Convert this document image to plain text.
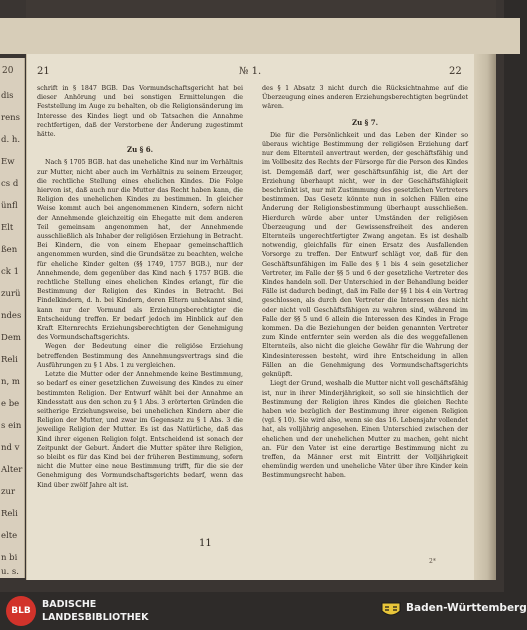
20
dis
rens
d. h.
Ew
cs d
ünfl
Elt
ßen
ck 1
zurü
ndes
Dem
Reli
n, m
e be
s ein
nd v
Alter
zur
Reli
elte
n bi
u. s.
21	№ 1.	22

schrift in § 1847 BGB. Das Vormundschaftsgericht hat bei dieser Anhörung und bei sonstigen Ermittelungen die Feststellung im Auge zu behalten, ob die Religionsänderung im Interesse des Kindes liegt und ob Tatsachen die Annahme rechtfertigen, daß der Verstorbene der Änderung zugestimmt hätte.

Zu § 6.

Nach § 1705 BGB. hat das uneheliche Kind nur im Verhältnis zur Mutter, nicht aber auch im Verhältnis zu seinem Erzeuger, die rechtliche Stellung eines ehelichen Kindes. Die Folge hiervon ist, daß auch nur die Mutter das Recht haben kann, die Religion des unehelichen Kindes zu bestimmen. In gleicher Weise kommt auch bei angenommenen Kindern, sofern nicht der Annehmende gleichzeitig ein Ehegatte mit dem anderen Teil gemeinsam angenommen hat, der Annehmende ausschließlich als Inhaber der religiösen Erziehung in Betracht. Bei Kindern, die von einem Ehepaar gemeinschaftlich angenommen wurden, sind die Grundsätze zu beachten, welche für eheliche Kinder gelten (§§ 1749, 1757 BGB.), nur der Annehmende, dem gegenüber das Kind nach § 1757 BGB. die rechtliche Stellung eines ehelichen Kindes erlangt, für die Bestimmung der Religion des Kindes in Betracht. Bei Findelkindern, d. h. bei Kindern, deren Eltern unbekannt sind, kann nur der Vormund als Erziehungsberechtigter die Entscheidung treffen. Er bedarf jedoch im Hinblick auf den Kraft Elternrechts Erziehungsberechtigten der Genehmigung des Vormundschaftsgerichts.

Wegen der Bedeutung einer die religiöse Erziehung betreffenden Bestimmung des Annehmungsvertrags sind die Ausführungen zu § 1 Abs. 1 zu vergleichen.

Letzte die Mutter oder der Annehmende keine Bestimmung, so bedarf es einer gesetzlichen Zuweisung des Kindes zu einer bestimmten Religion. Der Entwurf wählt bei der Annahme an Kindesstatt aus den schon zu § 1 Abs. 3 erörterten Gründen die seitherige Erziehungsweise, bei unehelichen Kindern aber die Religion der Mutter, und zwar im Gegensatz zu § 1 Abs. 3 die jeweilige Religion der Mutter. Es ist das Natürliche, daß das Kind ihrer eigenen Religion folgt. Entscheidend ist sonach der Zeitpunkt der Geburt. Ändert die Mutter später ihre Religion, so bleibt es für das Kind bei der früheren Bestimmung, sofern nicht die Mutter eine neue Bestimmung trifft, für die sie der Genehmigung des Vormundschaftsgerichts bedarf, wenn das Kind über zwölf Jahre alt ist.

des § 1 Absatz 3 nicht durch die Rücksichtnahme auf die Überzeugung eines anderen Erziehungsberechtigten begründet wären.

Zu § 7.

Die für die Persönlichkeit und das Leben der Kinder so überaus wichtige Bestimmung der religiösen Erziehung darf nur dem Elternteil anvertraut werden, der geschäftsfähig und im Vollbesitz des Rechts der Fürsorge für die Person des Kindes ist. Demgemäß darf, wer geschäftsunfähig ist, die Art der Erziehung überhaupt nicht, wer in der Geschäftsfähigkeit beschränkt ist, nur mit Zustimmung des gesetzlichen Vertreters bestimmen. Das Gesetz könnte nun in solchen Fällen eine Änderung der Religionsbestimmung überhaupt ausschließen. Hierdurch würde aber unter Umständen der religiösen Überzeugung und der Gewissensfreiheit des anderen Elternteils ungerechtfertigter Zwang angetan. Es ist deshalb notwendig, gleichfalls für einen Ersatz des Ausfallenden Vorsorge zu treffen. Der Entwurf schlägt vor, daß für den Geschäftsunfähigen im Falle des § 1 bis 4 sein gesetzlicher Vertreter, im Falle der §§ 5 und 6 der gesetzliche Vertreter des Kindes handeln soll. Der Unterschied in der Behandlung beider Fälle ist dadurch bedingt, daß im Falle der §§ 1 bis 4 ein Vertrag geschlossen, als durch den Vertreter die Interessen des nicht oder nicht voll Geschäftsfähigen zu wahren sind, während im Falle der §§ 5 und 6 allein die Interessen des Kindes in Frage kommen. Da die Beziehungen der beiden genannten Vertreter zum Kinde entfernter sein werden als die des weggefallenen Elternteils, also nicht die gleiche Gewähr für die Wahrung der Kindesinteressen besteht, wird ihre Entscheidung in allen Fällen an die Genehmigung des Vormundschaftsgerichts geknüpft.

Liegt der Grund, weshalb die Mutter nicht voll geschäftsfähig ist, nur in ihrer Minderjährigkeit, so soll sie hinsichtlich der Bestimmung der Religion ihres Kindes die gleichen Rechte haben wie bezüglich der Bestimmung ihrer eigenen Religion (vgl. § 10). Sie wird also, wenn sie das 16. Lebensjahr vollendet hat, als volljährig angesehen. Einen Unterschied zwischen der ehelichen und der unehelichen Mutter zu machen, geht nicht an. Für den Vater ist eine derartige Bestimmung nicht zu treffen, da Männer erst mit Eintritt der Volljährigkeit ehemündig werden und uneheliche Väter über ihre Kinder kein Bestimmungsrecht haben.

11
2*
BLB
BADISCHE
LANDESBIBLIOTHEK
Baden-Württemberg
